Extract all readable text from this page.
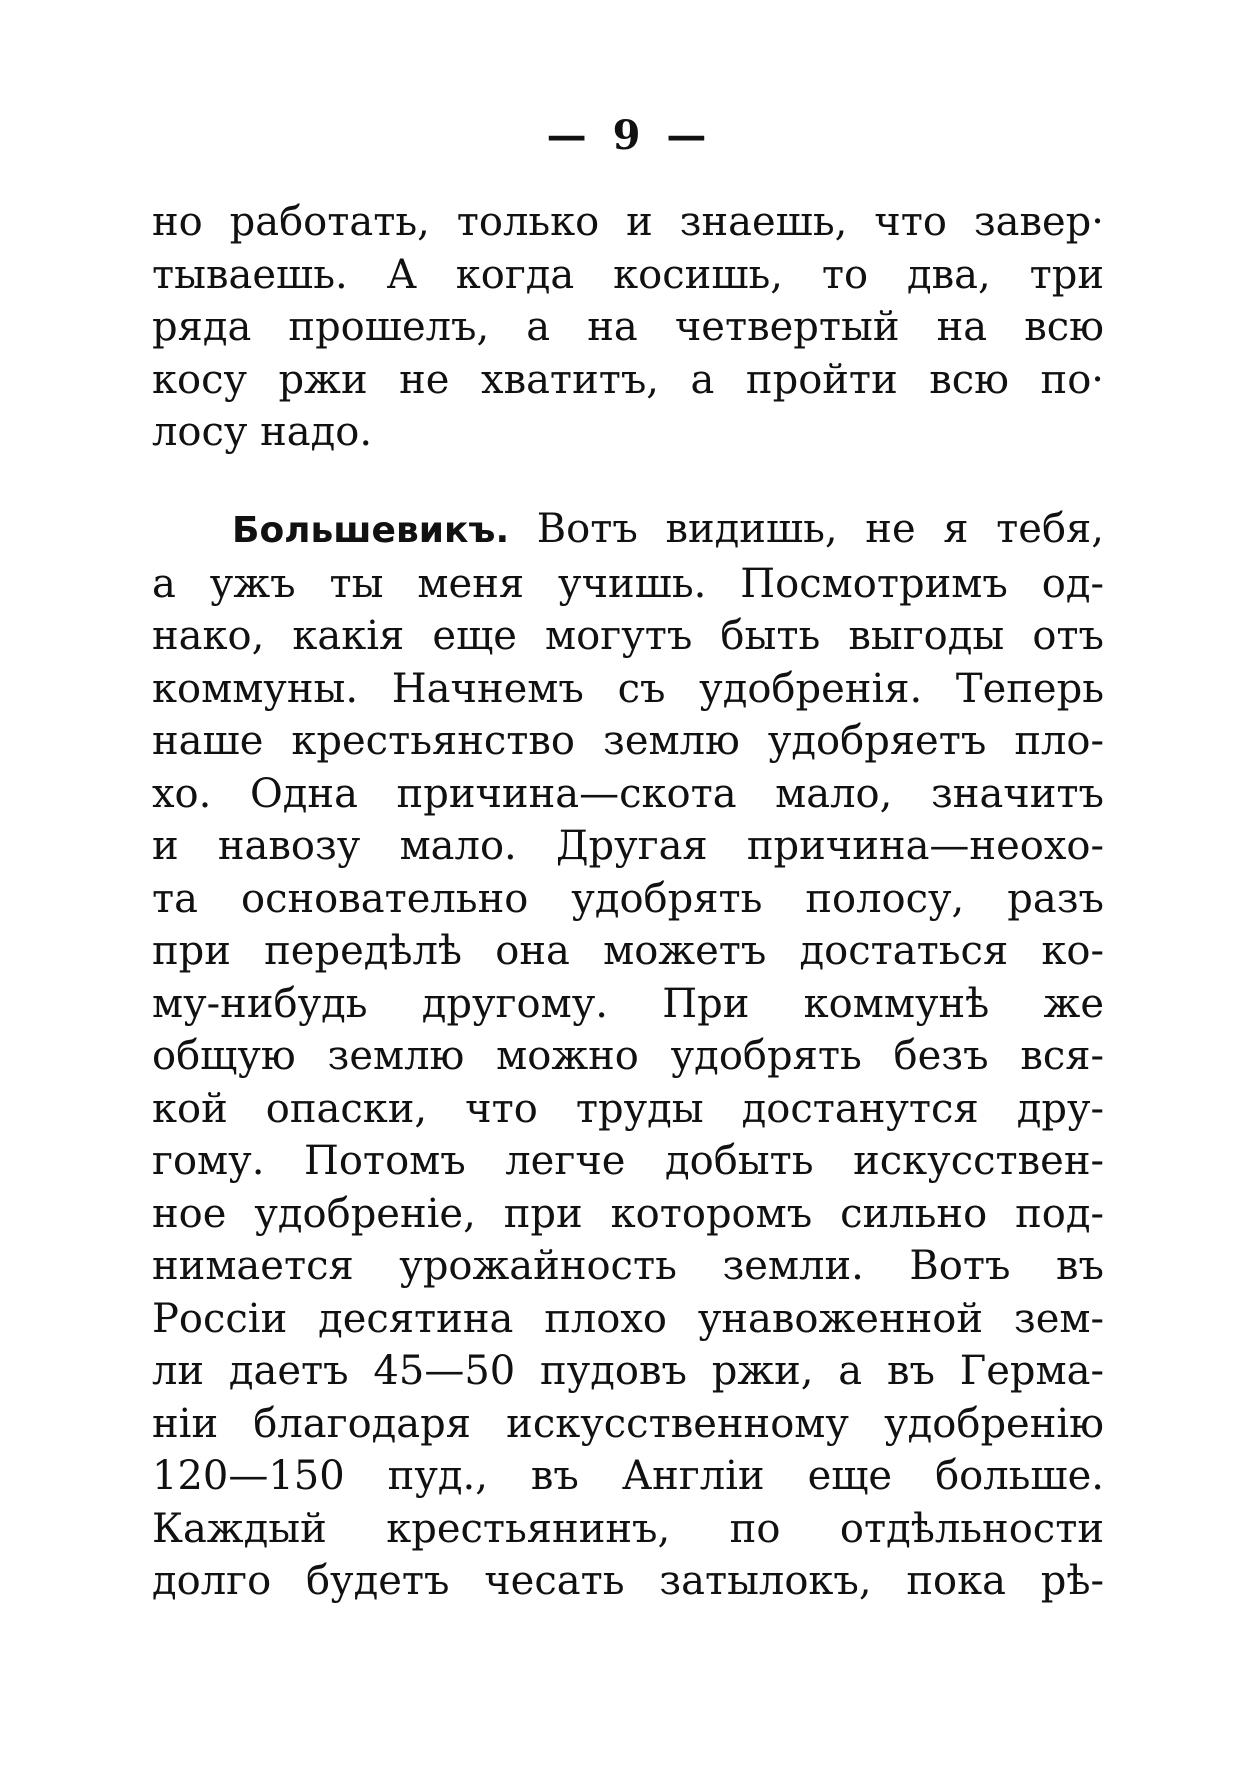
— 9 —
но работать, только и знаешь, что завер·
тываешь. А когда косишь, то два, три
ряда прошелъ, а на четвертый на всю
косу ржи не хватитъ, а пройти всю по·
лосу надо.
Большевикъ. Вотъ видишь, не я тебя,
а ужъ ты меня учишь. Посмотримъ од-
нако, какія еще могутъ быть выгоды отъ
коммуны. Начнемъ съ удобренія. Теперь
наше крестьянство землю удобряетъ пло-
хо. Одна причина—скота мало, значитъ
и навозу мало. Другая причина—неохо-
та основательно удобрять полосу, разъ
при передѣлѣ она можетъ достаться ко-
му-нибудь другому. При коммунѣ же
общую землю можно удобрять безъ вся-
кой опаски, что труды достанутся дру-
гому. Потомъ легче добыть искусствен-
ное удобреніе, при которомъ сильно под-
нимается урожайность земли. Вотъ въ
Россіи десятина плохо унавоженной зем-
ли даетъ 45—50 пудовъ ржи, а въ Герма-
ніи благодаря искусственному удобренію
120—150 пуд., въ Англіи еще больше.
Каждый крестьянинъ, по отдѣльности
долго будетъ чесать затылокъ, пока рѣ-
